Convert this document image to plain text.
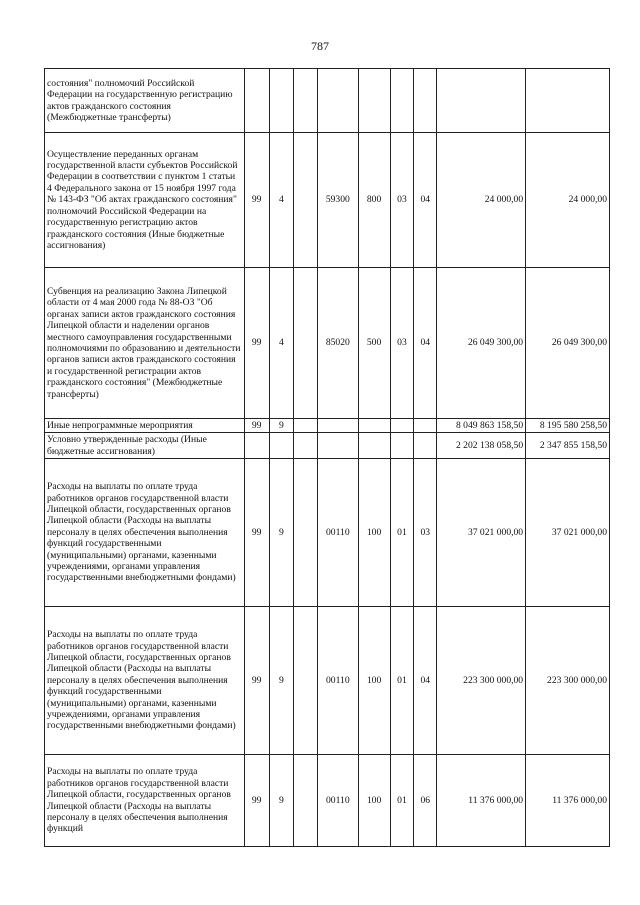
787
состояния" полномочий Российской Федерации на государственную регистрацию актов гражданского состояния (Межбюджетные трансферты)									
Осуществление переданных органам государственной власти субъектов Российской Федерации в соответствии с пунктом 1 статьи 4 Федерального закона от 15 ноября 1997 года № 143-ФЗ "Об актах гражданского состояния" полномочий Российской Федерации на государственную регистрацию актов гражданского состояния (Иные бюджетные ассигнования)	99	4		59300	800	03	04	24 000,00	24 000,00
Субвенция на реализацию Закона Липецкой области от 4 мая 2000 года № 88-ОЗ "Об органах записи актов гражданского состояния Липецкой области и наделении органов местного самоуправления государственными полномочиями по образованию и деятельности органов записи актов гражданского состояния и государственной регистрации актов гражданского состояния" (Межбюджетные трансферты)	99	4		85020	500	03	04	26 049 300,00	26 049 300,00
Иные непрограммные мероприятия	99	9						8 049 863 158,50	8 195 580 258,50
Условно утвержденные расходы (Иные бюджетные ассигнования)								2 202 138 058,50	2 347 855 158,50
Расходы на выплаты по оплате труда работников органов государственной власти Липецкой области, государственных органов Липецкой области (Расходы на выплаты персоналу в целях обеспечения выполнения функций государственными (муниципальными) органами, казенными учреждениями, органами управления государственными внебюджетными фондами)	99	9		00110	100	01	03	37 021 000,00	37 021 000,00
Расходы на выплаты по оплате труда работников органов государственной власти Липецкой области, государственных органов Липецкой области (Расходы на выплаты персоналу в целях обеспечения выполнения функций государственными (муниципальными) органами, казенными учреждениями, органами управления государственными внебюджетными фондами)	99	9		00110	100	01	04	223 300 000,00	223 300 000,00
Расходы на выплаты по оплате труда работников органов государственной власти Липецкой области, государственных органов Липецкой области (Расходы на выплаты персоналу в целях обеспечения выполнения функций	99	9		00110	100	01	06	11 376 000,00	11 376 000,00
